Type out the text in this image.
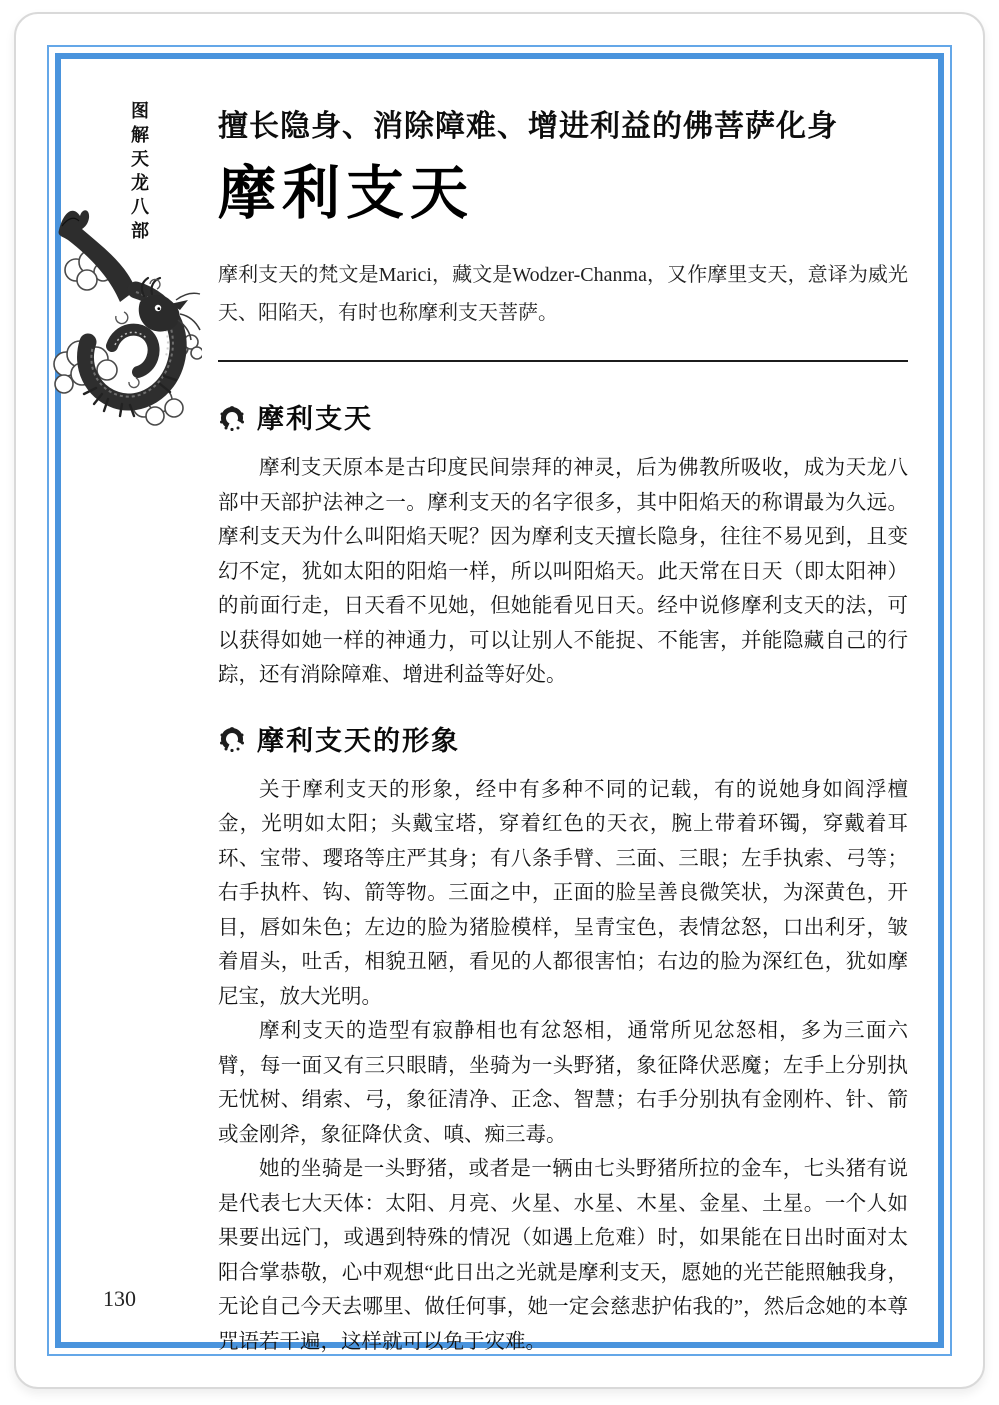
图解天龙八部 擅长隐身、消除障难、增进利益的佛菩萨化身
摩利支天

摩利支天的梵文是Marici，藏文是Wodzer-Chanma，又作摩里支天，意译为威光天、阳陷天，有时也称摩利支天菩萨。

摩利支天

摩利支天原本是古印度民间崇拜的神灵，后为佛教所吸收，成为天龙八部中天部护法神之一。摩利支天的名字很多，其中阳焰天的称谓最为久远。摩利支天为什么叫阳焰天呢？因为摩利支天擅长隐身，往往不易见到，且变幻不定，犹如太阳的阳焰一样，所以叫阳焰天。此天常在日天（即太阳神）的前面行走，日天看不见她，但她能看见日天。经中说修摩利支天的法，可以获得如她一样的神通力，可以让别人不能捉、不能害，并能隐藏自己的行踪，还有消除障难、增进利益等好处。

摩利支天的形象

关于摩利支天的形象，经中有多种不同的记载，有的说她身如阎浮檀金，光明如太阳；头戴宝塔，穿着红色的天衣，腕上带着环镯，穿戴着耳环、宝带、璎珞等庄严其身；有八条手臂、三面、三眼；左手执索、弓等；右手执杵、钩、箭等物。三面之中，正面的脸呈善良微笑状，为深黄色，开目，唇如朱色；左边的脸为猪脸模样，呈青宝色，表情忿怒，口出利牙，皱着眉头，吐舌，相貌丑陋，看见的人都很害怕；右边的脸为深红色，犹如摩尼宝，放大光明。

摩利支天的造型有寂静相也有忿怒相，通常所见忿怒相，多为三面六臂，每一面又有三只眼睛，坐骑为一头野猪，象征降伏恶魔；左手上分别执无忧树、绢索、弓，象征清净、正念、智慧；右手分别执有金刚杵、针、箭或金刚斧，象征降伏贪、嗔、痴三毒。

她的坐骑是一头野猪，或者是一辆由七头野猪所拉的金车，七头猪有说是代表七大天体：太阳、月亮、火星、水星、木星、金星、土星。一个人如果要出远门，或遇到特殊的情况（如遇上危难）时，如果能在日出时面对太阳合掌恭敬，心中观想“此日出之光就是摩利支天，愿她的光芒能照触我身，无论自己今天去哪里、做任何事，她一定会慈悲护佑我的”，然后念她的本尊咒语若干遍，这样就可以免于灾难。

130
